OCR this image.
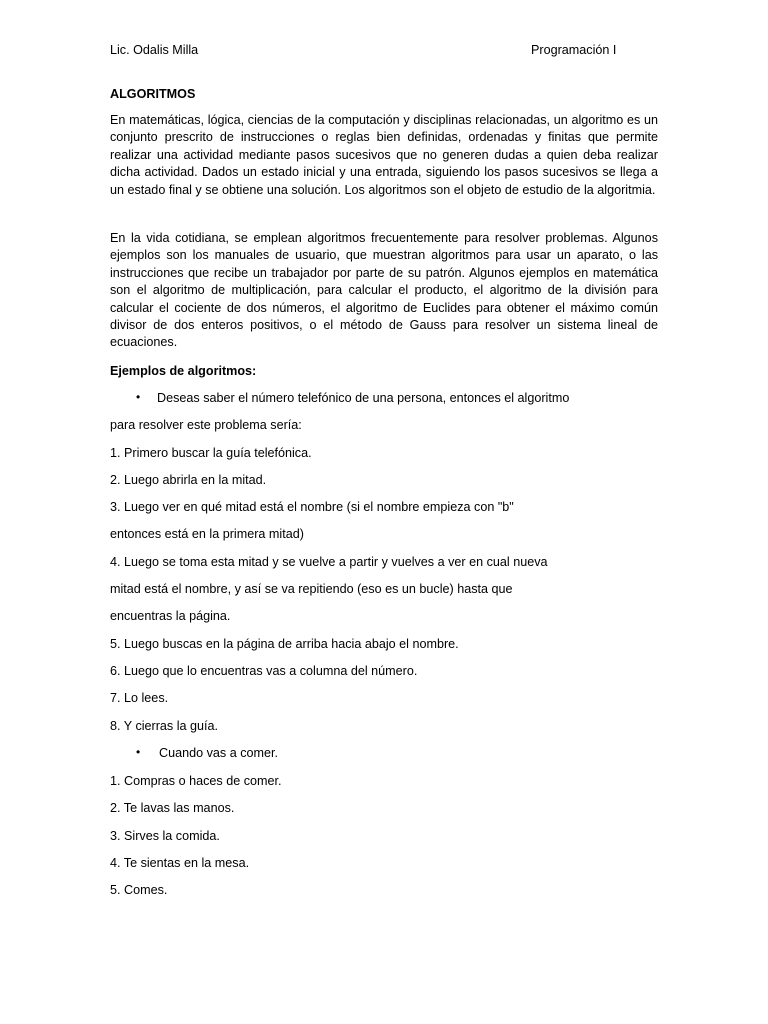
Lic. Odalis Milla	Programación I
ALGORITMOS
En matemáticas, lógica, ciencias de la computación y disciplinas relacionadas, un algoritmo es un conjunto prescrito de instrucciones o reglas bien definidas, ordenadas y finitas que permite realizar una actividad mediante pasos sucesivos que no generen dudas a quien deba realizar dicha actividad. Dados un estado inicial y una entrada, siguiendo los pasos sucesivos se llega a un estado final y se obtiene una solución. Los algoritmos son el objeto de estudio de la algoritmia.
En la vida cotidiana, se emplean algoritmos frecuentemente para resolver problemas. Algunos ejemplos son los manuales de usuario, que muestran algoritmos para usar un aparato, o las instrucciones que recibe un trabajador por parte de su patrón. Algunos ejemplos en matemática son el algoritmo de multiplicación, para calcular el producto, el algoritmo de la división para calcular el cociente de dos números, el algoritmo de Euclides para obtener el máximo común divisor de dos enteros positivos, o el método de Gauss para resolver un sistema lineal de ecuaciones.
Ejemplos de algoritmos:
• Deseas saber el número telefónico de una persona, entonces el algoritmo
para resolver este problema sería:
1. Primero buscar la guía telefónica.
2. Luego abrirla en la mitad.
3. Luego ver en qué mitad está el nombre (si el nombre empieza con "b"
entonces está en la primera mitad)
4. Luego se toma esta mitad y se vuelve a partir y vuelves a ver en cual nueva
mitad está el nombre, y así se va repitiendo (eso es un bucle) hasta que
encuentras la página.
5. Luego buscas en la página de arriba hacia abajo el nombre.
6. Luego que lo encuentras vas a columna del número.
7. Lo lees.
8. Y cierras la guía.
• Cuando vas a comer.
1. Compras o haces de comer.
2. Te lavas las manos.
3. Sirves la comida.
4. Te sientas en la mesa.
5. Comes.
